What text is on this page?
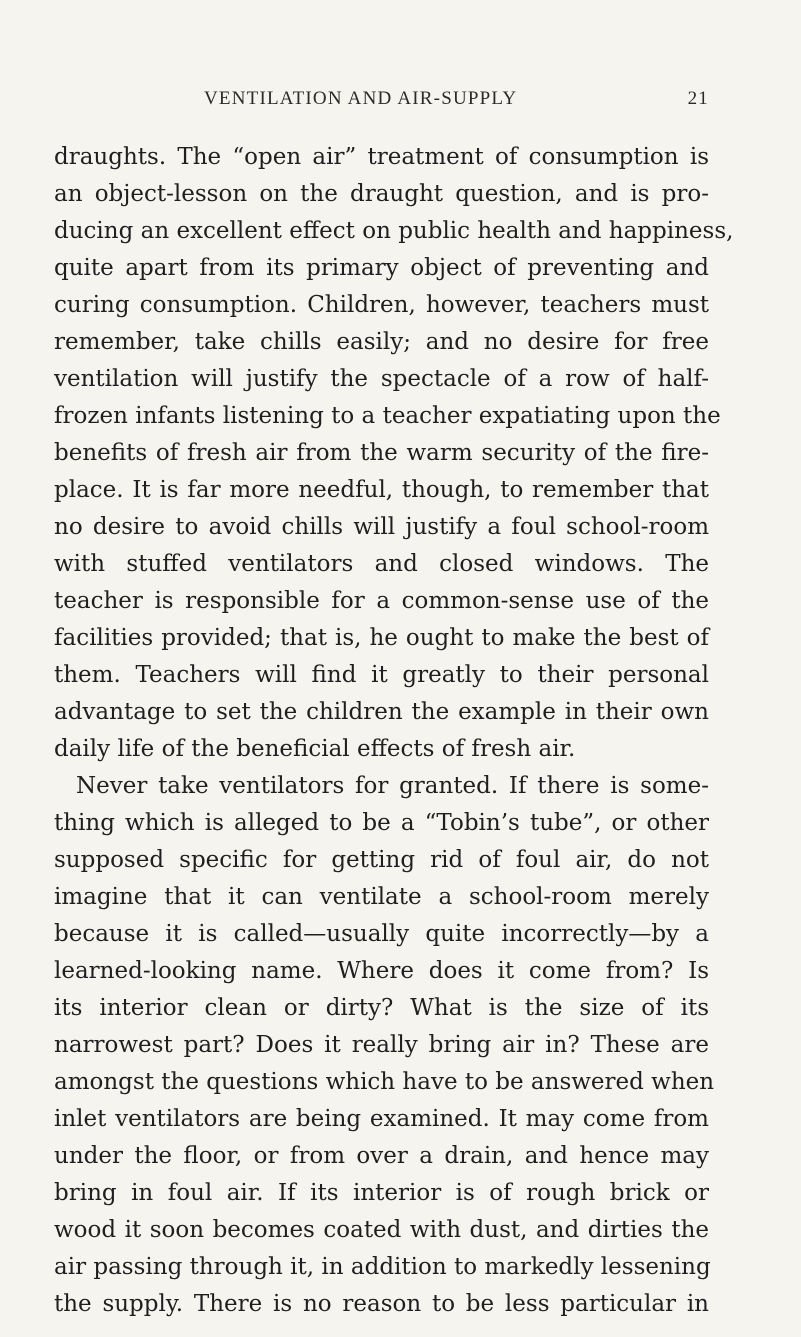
VENTILATION AND AIR-SUPPLY	21
draughts. The “open air” treatment of consumption is
an object-lesson on the draught question, and is pro-
ducing an excellent effect on public health and happiness,
quite apart from its primary object of preventing and
curing consumption. Children, however, teachers must
remember, take chills easily; and no desire for free
ventilation will justify the spectacle of a row of half-
frozen infants listening to a teacher expatiating upon the
benefits of fresh air from the warm security of the fire-
place. It is far more needful, though, to remember that
no desire to avoid chills will justify a foul school-room
with stuffed ventilators and closed windows. The
teacher is responsible for a common-sense use of the
facilities provided; that is, he ought to make the best of
them. Teachers will find it greatly to their personal
advantage to set the children the example in their own
daily life of the beneficial effects of fresh air.
Never take ventilators for granted. If there is some-
thing which is alleged to be a “Tobin’s tube”, or other
supposed specific for getting rid of foul air, do not
imagine that it can ventilate a school-room merely
because it is called—usually quite incorrectly—by a
learned-looking name. Where does it come from? Is
its interior clean or dirty? What is the size of its
narrowest part? Does it really bring air in? These are
amongst the questions which have to be answered when
inlet ventilators are being examined. It may come from
under the floor, or from over a drain, and hence may
bring in foul air. If its interior is of rough brick or
wood it soon becomes coated with dust, and dirties the
air passing through it, in addition to markedly lessening
the supply. There is no reason to be less particular in
